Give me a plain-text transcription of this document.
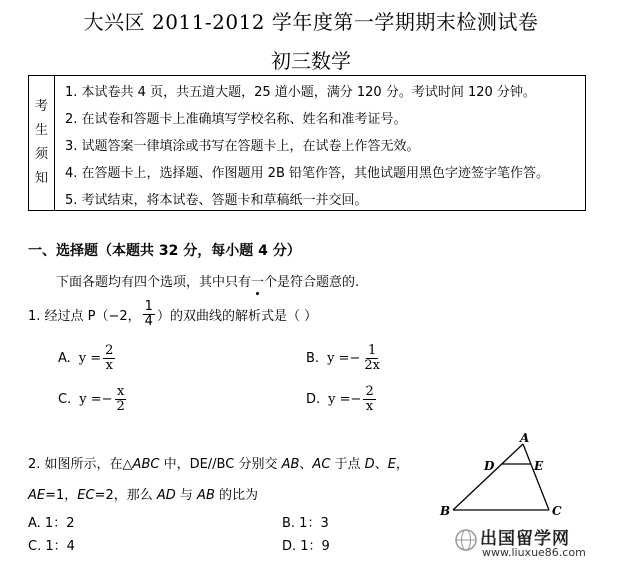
大兴区 2011-2012 学年度第一学期期末检测试卷
初三数学
考
生
须
知
1. 本试卷共 4 页，共五道大题，25 道小题，满分 120 分。考试时间 120 分钟。
2. 在试卷和答题卡上准确填写学校名称、姓名和准考证号。
3. 试题答案一律填涂或书写在答题卡上，在试卷上作答无效。
4. 在答题卡上，选择题、作图题用 2B 铅笔作答，其他试题用黑色字迹签字笔作答。
5. 考试结束，将本试卷、答题卡和草稿纸一并交回。
一、选择题（本题共 32 分，每小题 4 分）
下面各题均有四个选项，其中只有一个是符合题意的.
1. 经过点 P（−2， $\frac{1}{4}$ ）的双曲线的解析式是（ ）
A. $y = \frac{2}{x}$	B. y = − $\frac{1}{2x}$
C. y = − $\frac{x}{2}$	D. y = − $\frac{2}{x}$
2. 如图所示，在△ABC 中，DE//BC 分别交 AB、AC 于点 D、E，
AE=1，EC=2，那么 AD 与 AB 的比为
A. 1：2	B. 1：3
C. 1：4	D. 1：9
A
D	E
B	C
出国留学网
www.liuxue86.com
